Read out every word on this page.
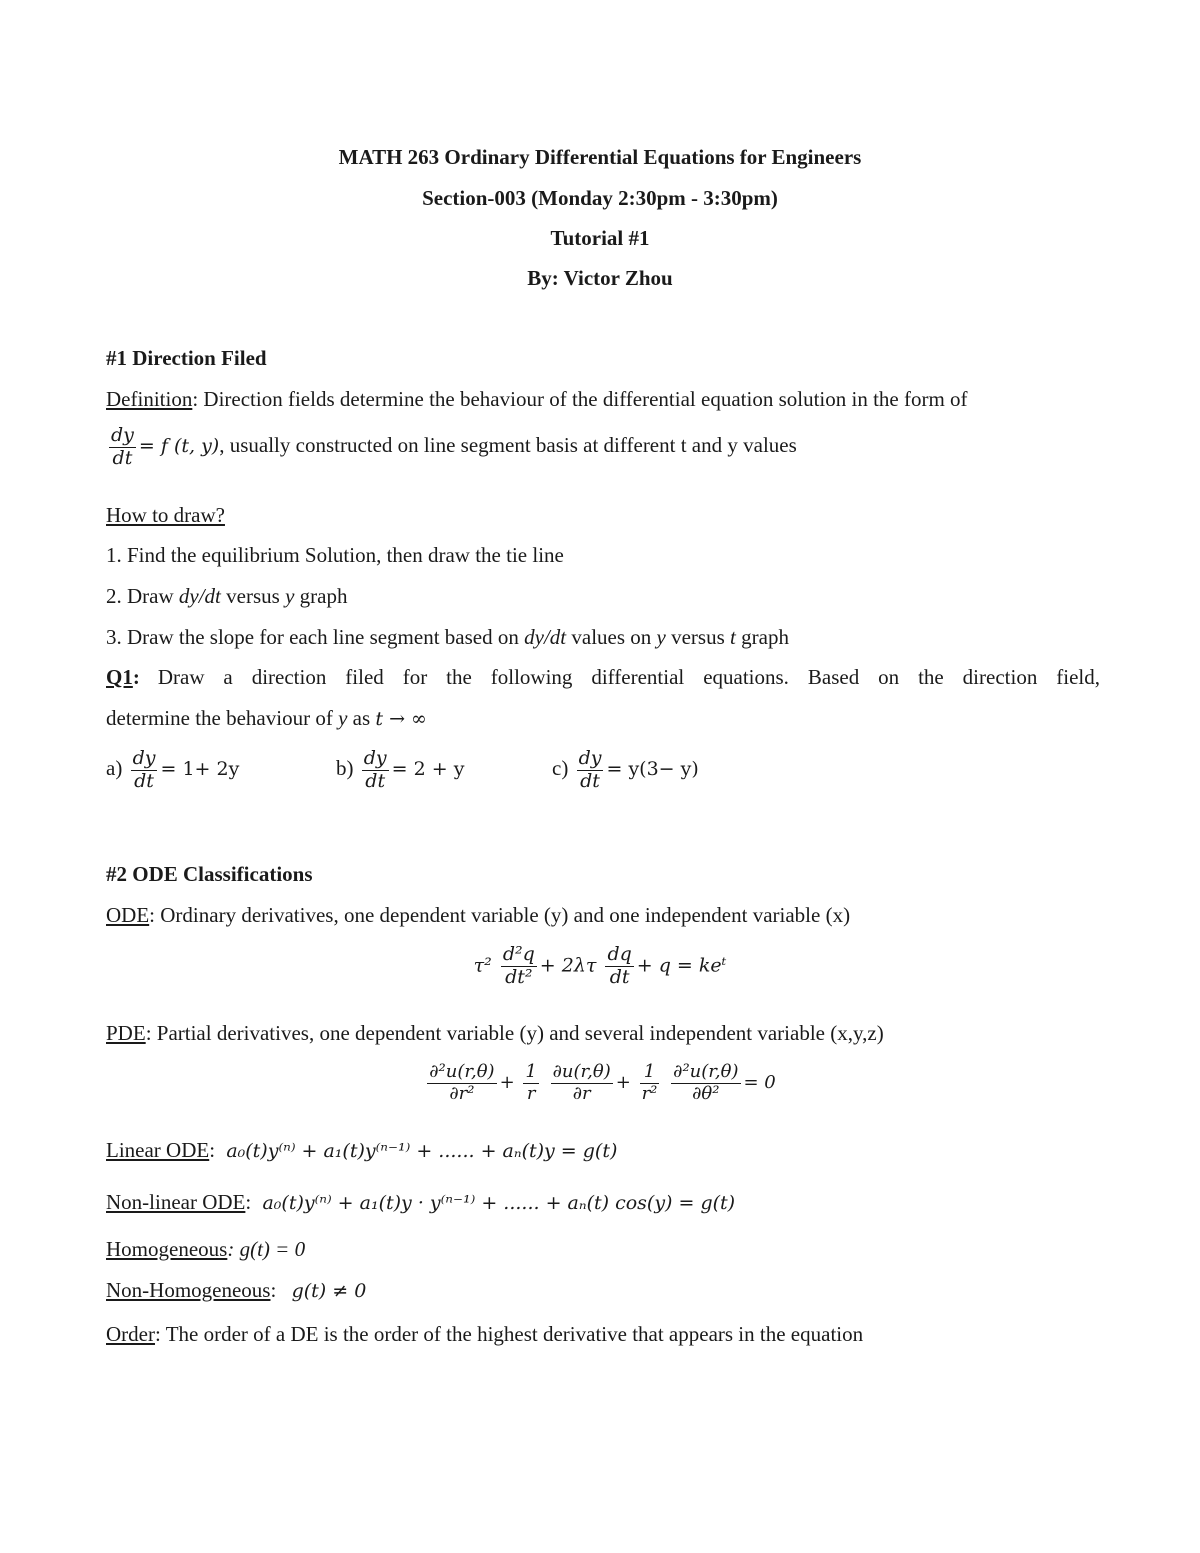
MATH 263 Ordinary Differential Equations for Engineers
Section-003 (Monday 2:30pm - 3:30pm)
Tutorial #1
By: Victor Zhou
#1 Direction Filed
Definition: Direction fields determine the behaviour of the differential equation solution in the form of
$\frac{dy}{dt} = f$ (t, y), usually constructed on line segment basis at different t and y values
How to draw?
1. Find the equilibrium Solution, then draw the tie line
2. Draw dy/dt versus y graph
3. Draw the slope for each line segment based on dy/dt values on y versus t graph
Q1: Draw a direction filed for the following differential equations. Based on the direction field,
determine the behaviour of y as t → ∞
$a) \frac{dy}{dt} = 1+ 2y$	$b) \frac{dy}{dt} = 2 + y$	$c) \frac{dy}{dt} = y(3- y)$
#2 ODE Classifications
ODE: Ordinary derivatives, one dependent variable (y) and one independent variable (x)
$\tau^2 \frac{\text{d²q}}{\text{dt²}} + 2\lambda\tau \frac{dq}{dt} + q$ = keᵗ
PDE: Partial derivatives, one dependent variable (y) and several independent variable (x,y,z)
$\frac{\text{∂²u(r,θ)}}{\text{∂r²}} + \frac{1}{r}$
$\frac{\partial u(r,\theta)}{\partial r} + \frac{1}{\text{r²}}$
$\frac{\text{∂²u(r,θ)}}{\text{∂θ²}} = 0$
Linear ODE: a₀(t)y⁽ⁿ⁾ + a₁(t)y⁽ⁿ⁻¹⁾ + ...... + aₙ(t)y = g(t)
Non-linear ODE: a₀(t)y⁽ⁿ⁾ + a₁(t)y · y⁽ⁿ⁻¹⁾ + ...... + aₙ(t) cos(y) = g(t)
Homogeneous: g(t) = 0
Non-Homogeneous: g(t) ≠ 0
Order: The order of a DE is the order of the highest derivative that appears in the equation
